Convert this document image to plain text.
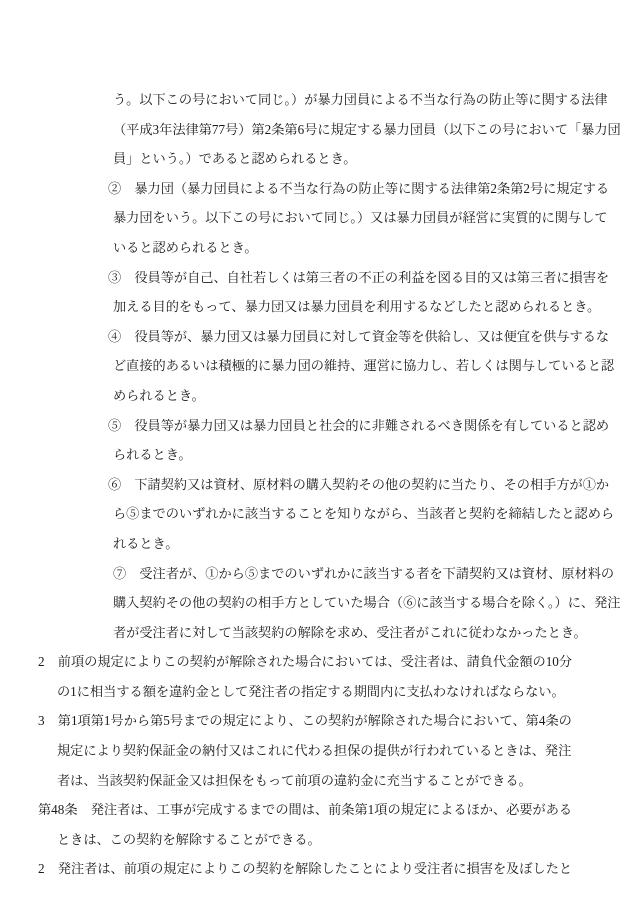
う。以下この号において同じ。）が暴力団員による不当な行為の防止等に関する法律
（平成3年法律第77号）第2条第6号に規定する暴力団員（以下この号において「暴力団
員」という。）であると認められるとき。
②　暴力団（暴力団員による不当な行為の防止等に関する法律第2条第2号に規定する
暴力団をいう。以下この号において同じ。）又は暴力団員が経営に実質的に関与して
いると認められるとき。
③　役員等が自己、自社若しくは第三者の不正の利益を図る目的又は第三者に損害を
加える目的をもって、暴力団又は暴力団員を利用するなどしたと認められるとき。
④　役員等が、暴力団又は暴力団員に対して資金等を供給し、又は便宜を供与するな
ど直接的あるいは積極的に暴力団の維持、運営に協力し、若しくは関与していると認
められるとき。
⑤　役員等が暴力団又は暴力団員と社会的に非難されるべき関係を有していると認め
られるとき。
⑥　下請契約又は資材、原材料の購入契約その他の契約に当たり、その相手方が①か
ら⑤までのいずれかに該当することを知りながら、当該者と契約を締結したと認めら
れるとき。
⑦　受注者が、①から⑤までのいずれかに該当する者を下請契約又は資材、原材料の
購入契約その他の契約の相手方としていた場合（⑥に該当する場合を除く。）に、発注
者が受注者に対して当該契約の解除を求め、受注者がこれに従わなかったとき。
2　前項の規定によりこの契約が解除された場合においては、受注者は、請負代金額の10分
の1に相当する額を違約金として発注者の指定する期間内に支払わなければならない。
3　第1項第1号から第5号までの規定により、この契約が解除された場合において、第4条の
規定により契約保証金の納付又はこれに代わる担保の提供が行われているときは、発注
者は、当該契約保証金又は担保をもって前項の違約金に充当することができる。
第48条　発注者は、工事が完成するまでの間は、前条第1項の規定によるほか、必要がある
ときは、この契約を解除することができる。
2　発注者は、前項の規定によりこの契約を解除したことにより受注者に損害を及ぼしたと
